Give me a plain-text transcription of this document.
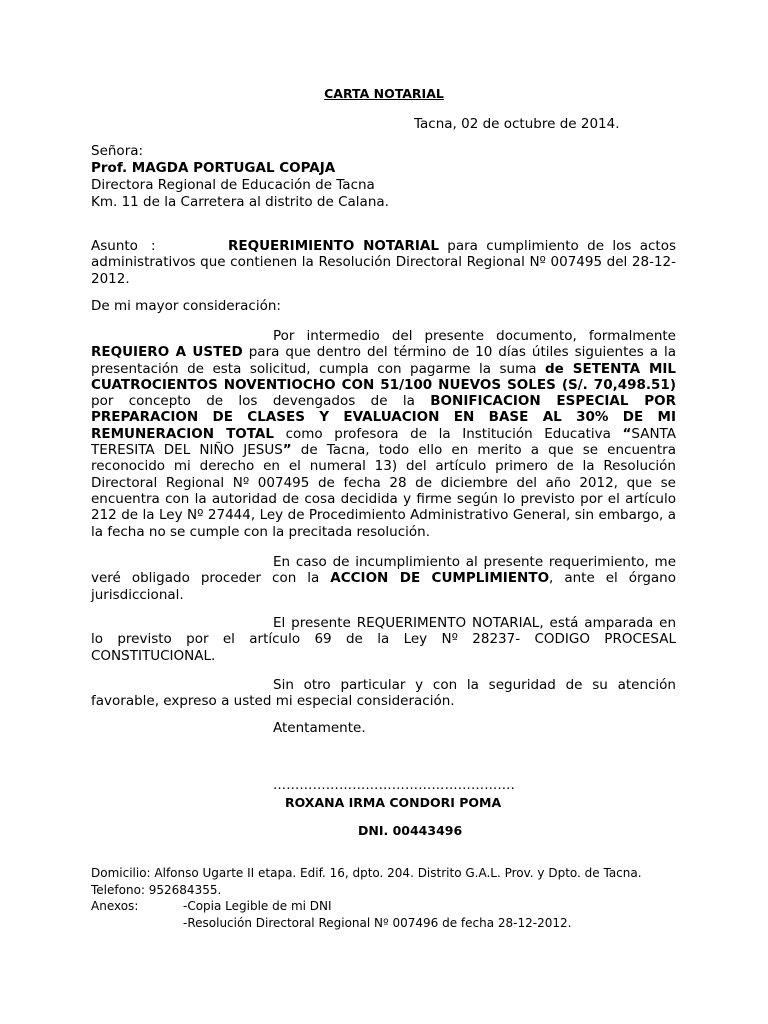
CARTA NOTARIAL
Tacna, 02 de octubre de 2014.
Señora:
Prof. MAGDA PORTUGAL COPAJA
Directora Regional de Educación de Tacna
Km. 11 de la Carretera al distrito de Calana.
Asunto :	REQUERIMIENTO NOTARIAL para cumplimiento de los actos administrativos que contienen la Resolución Directoral Regional Nº 007495 del 28-12-2012.
De mi mayor consideración:
Por intermedio del presente documento, formalmente REQUIERO A USTED para que dentro del término de 10 días útiles siguientes a la presentación de esta solicitud, cumpla con pagarme la suma de SETENTA MIL CUATROCIENTOS NOVENTIOCHO CON 51/100 NUEVOS SOLES (S/. 70,498.51) por concepto de los devengados de la BONIFICACION ESPECIAL POR PREPARACION DE CLASES Y EVALUACION EN BASE AL 30% DE MI REMUNERACION TOTAL como profesora de la Institución Educativa “SANTA TERESITA DEL NIÑO JESUS” de Tacna, todo ello en merito a que se encuentra reconocido mi derecho en el numeral 13) del artículo primero de la Resolución Directoral Regional Nº 007495 de fecha 28 de diciembre del año 2012, que se encuentra con la autoridad de cosa decidida y firme según lo previsto por el artículo 212 de la Ley Nº 27444, Ley de Procedimiento Administrativo General, sin embargo, a la fecha no se cumple con la precitada resolución.
En caso de incumplimiento al presente requerimiento, me veré obligado proceder con la ACCION DE CUMPLIMIENTO, ante el órgano jurisdiccional.
El presente REQUERIMENTO NOTARIAL, está amparada en lo previsto por el artículo 69 de la Ley Nº 28237- CODIGO PROCESAL CONSTITUCIONAL.
Sin otro particular y con la seguridad de su atención favorable, expreso a usted mi especial consideración.
Atentamente.
……………………………………………….
ROXANA IRMA CONDORI POMA
DNI. 00443496
Domicilio: Alfonso Ugarte II etapa. Edif. 16, dpto. 204. Distrito G.A.L. Prov. y Dpto. de Tacna.
Telefono: 952684355.
Anexos:	-Copia Legible de mi DNI
-Resolución Directoral Regional Nº 007496 de fecha 28-12-2012.
